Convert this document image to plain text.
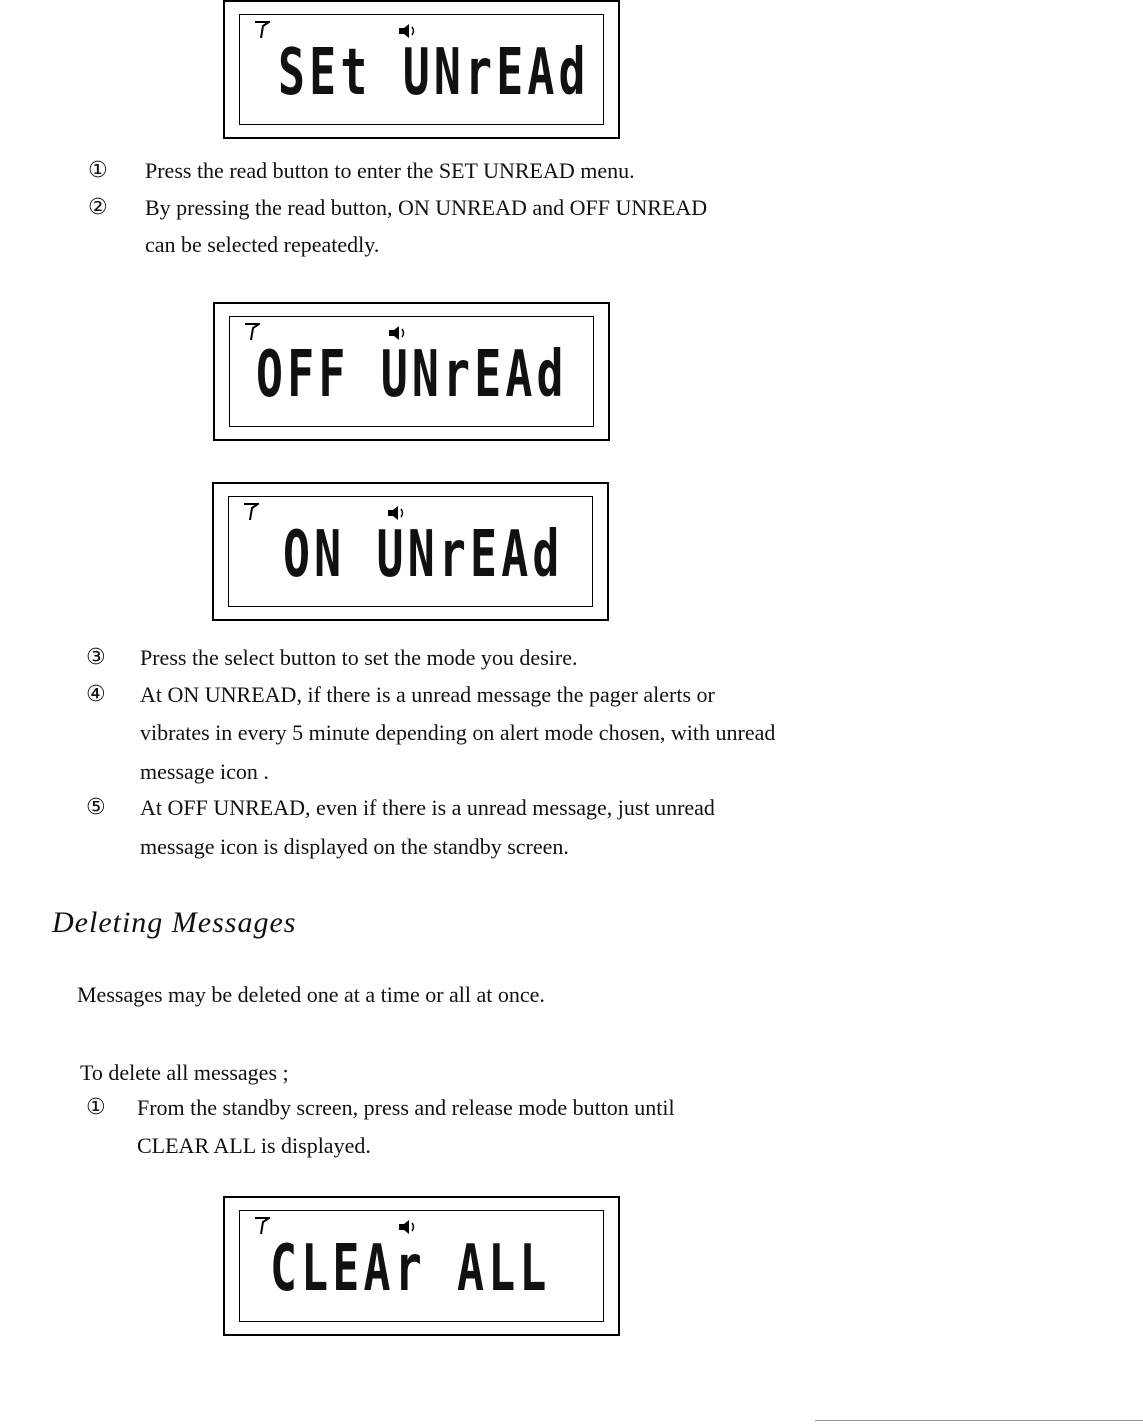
SEt UNrEAd
① Press the read button to enter the SET UNREAD menu.
② By pressing the read button, ON UNREAD and OFF UNREAD
can be selected repeatedly.
OFF UNrEAd
ON UNrEAd
③ Press the select button to set the mode you desire.
④ At ON UNREAD, if there is a unread message the pager alerts or
vibrates in every 5 minute depending on alert mode chosen, with unread
message icon .
⑤ At OFF UNREAD, even if there is a unread message, just unread
message icon is displayed on the standby screen.
Deleting Messages
Messages may be deleted one at a time or all at once.
To delete all messages ;
① From the standby screen, press and release mode button until
CLEAR ALL is displayed.
CLEAr ALL
